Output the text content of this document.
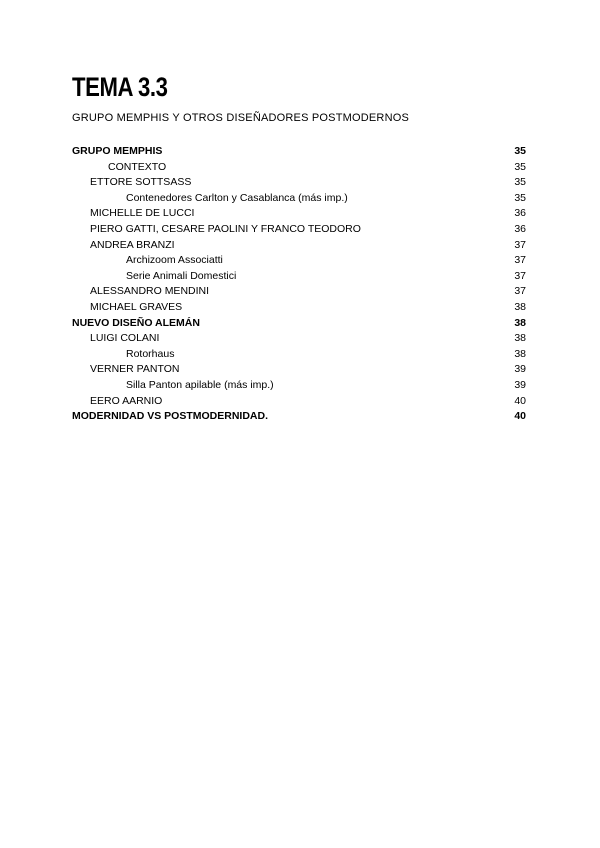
TEMA 3.3
GRUPO MEMPHIS Y OTROS DISEÑADORES POSTMODERNOS
GRUPO MEMPHIS	35
CONTEXTO	35
ETTORE SOTTSASS	35
Contenedores Carlton y Casablanca (más imp.)	35
MICHELLE DE LUCCI	36
PIERO GATTI, CESARE PAOLINI Y FRANCO TEODORO	36
ANDREA BRANZI	37
Archizoom Associatti	37
Serie Animali Domestici	37
ALESSANDRO MENDINI	37
MICHAEL GRAVES	38
NUEVO DISEÑO ALEMÁN	38
LUIGI COLANI	38
Rotorhaus	38
VERNER PANTON	39
Silla Panton apilable (más imp.)	39
EERO AARNIO	40
MODERNIDAD VS POSTMODERNIDAD.	40
